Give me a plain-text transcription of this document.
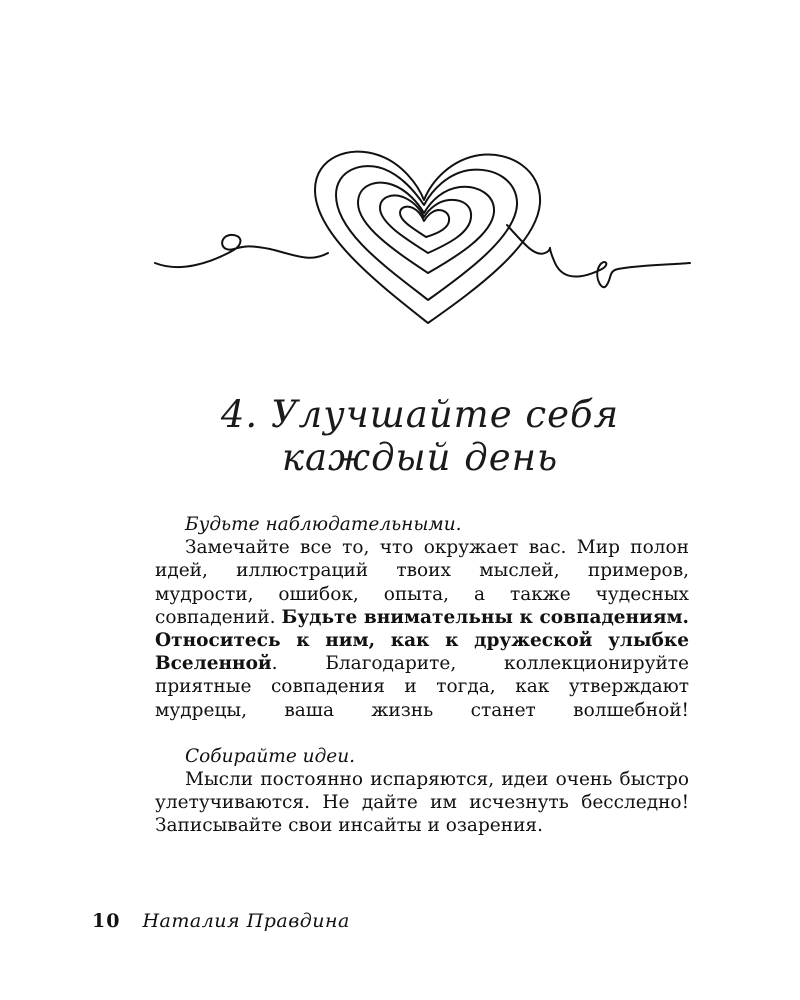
4. Улучшайте себя
каждый день

Будьте наблюдательными.

Замечайте все то, что окружает вас. Мир полон идей, иллюстраций твоих мыслей, примеров, мудрости, ошибок, опыта, а также чудесных совпадений. Будьте внимательны к совпадениям. Относитесь к ним, как к дружеской улыбке Вселенной. Благодарите, коллекционируйте приятные совпадения и тогда, как утверждают мудрецы, ваша жизнь станет волшебной!

Собирайте идеи.

Мысли постоянно испаряются, идеи очень быстро улетучиваются. Не дайте им исчезнуть бесследно! Записывайте свои инсайты и озарения.

10 Наталия Правдина
